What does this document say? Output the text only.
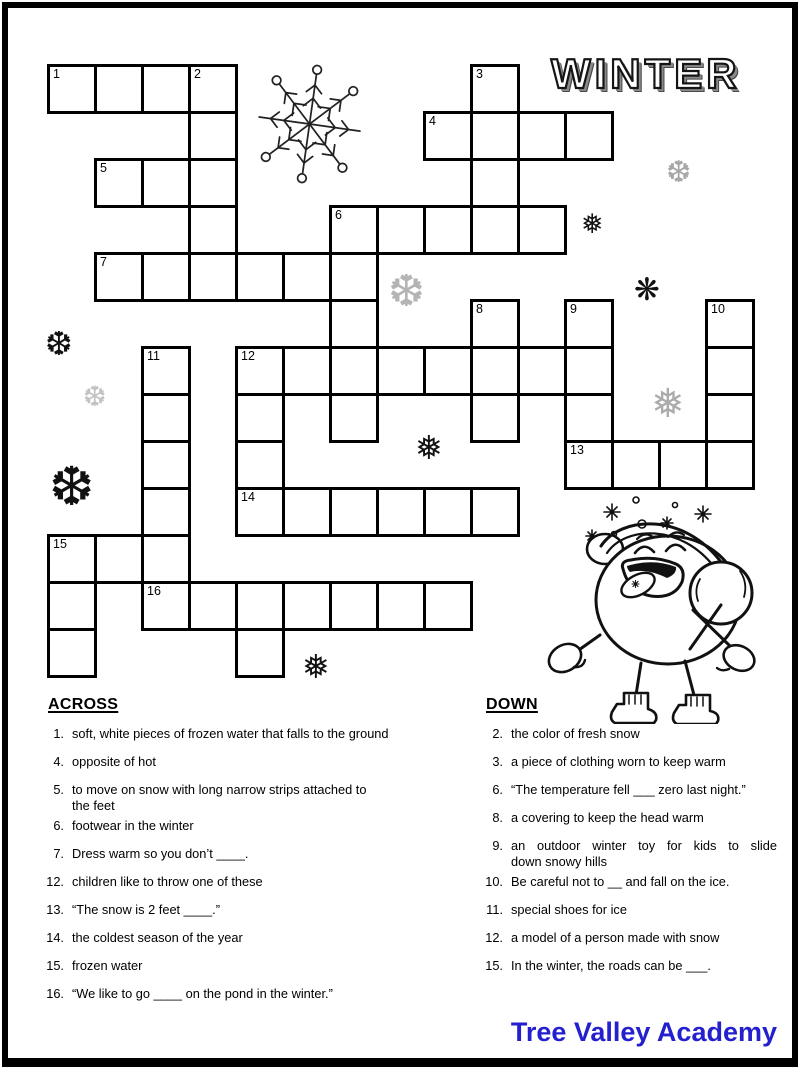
WINTER
1	2	3
4
5
6
7
8	9	10
11	12
13
14
15
16
❆
❅
❋
❆
❆
❆
❆
❅
❅
❅
ACROSS
1. soft, white pieces of frozen water that falls to the ground
4. opposite of hot
5. to move on snow with long narrow strips attached to
the feet
6. footwear in the winter
7. Dress warm so you don’t ____.
12. children like to throw one of these
13. “The snow is 2 feet ____.”
14. the coldest season of the year
15. frozen water
16. “We like to go ____ on the pond in the winter.”
DOWN
2. the color of fresh snow
3. a piece of clothing worn to keep warm
6. “The temperature fell ___ zero last night.”
8. a covering to keep the head warm
9. an outdoor winter toy for kids to slide
down snowy hills
10. Be careful not to __ and fall on the ice.
11. special shoes for ice
12. a model of a person made with snow
15. In the winter, the roads can be ___.
Tree Valley Academy
